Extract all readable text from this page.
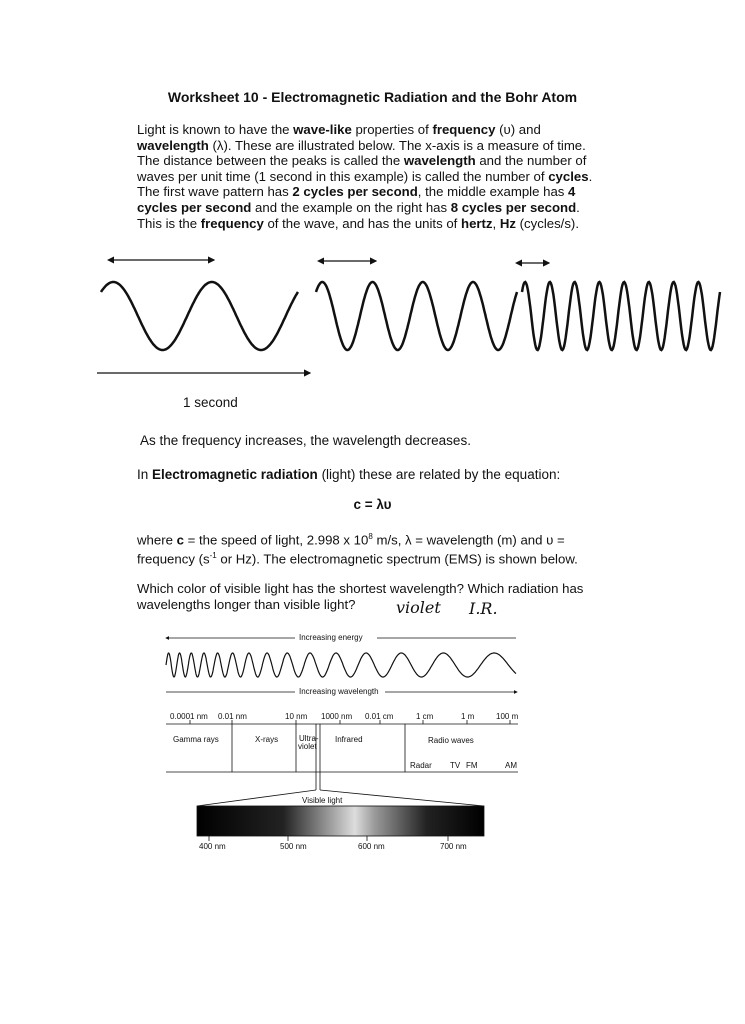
Worksheet 10 - Electromagnetic Radiation and the Bohr Atom
Light is known to have the wave-like properties of frequency (υ) and
wavelength (λ). These are illustrated below. The x-axis is a measure of time.
The distance between the peaks is called the wavelength and the number of
waves per unit time (1 second in this example) is called the number of cycles.
The first wave pattern has 2 cycles per second, the middle example has 4
cycles per second and the example on the right has 8 cycles per second.
This is the frequency of the wave, and has the units of hertz, Hz (cycles/s).
1 second
As the frequency increases, the wavelength decreases.
In Electromagnetic radiation (light) these are related by the equation:
c = λυ
where c = the speed of light, 2.998 x $10^8$ m/s, λ = wavelength (m) and υ =
frequency ($s^{-1}$ or Hz). The electromagnetic spectrum (EMS) is shown below.
Which color of visible light has the shortest wavelength? Which radiation has
wavelengths longer than visible light?	violet I.R.
Increasing energy
Increasing wavelength
0.0001 nm 0.01 nm	10 nm 1000 nm 0.01 cm	1 cm	1 m	100 m
Gamma rays	X-rays	Ultra-
violet
Infrared	Radio waves
Radar TV FM	AM
Visible light
400 nm	500 nm	600 nm	700 nm
